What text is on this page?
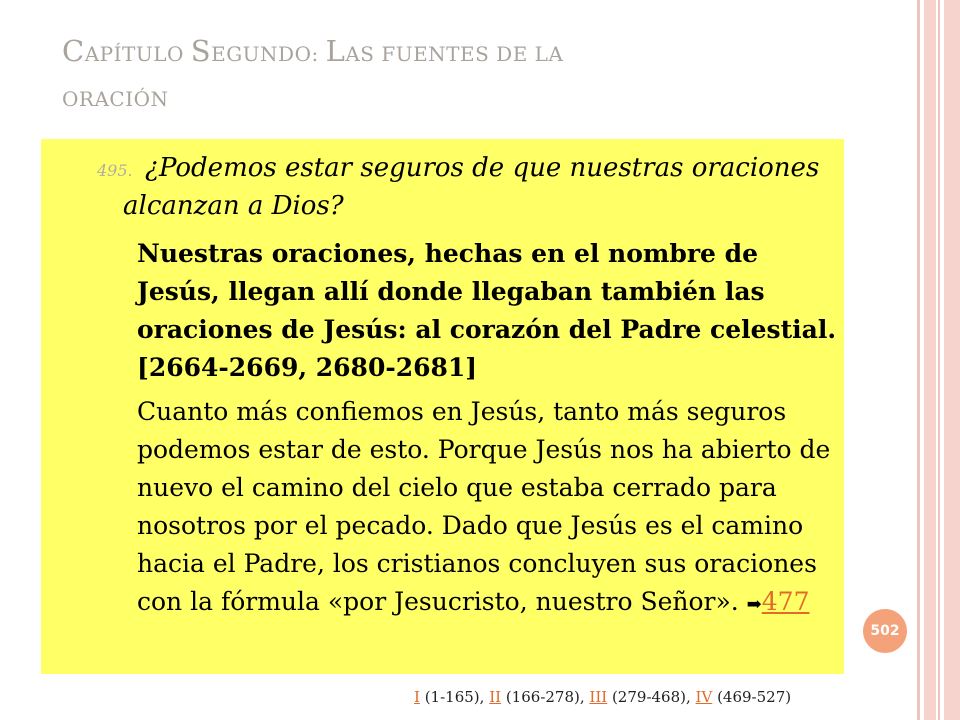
CAPÍTULO SEGUNDO: LAS FUENTES DE LA
ORACIÓN
495. ¿Podemos estar seguros de que nuestras oraciones alcanzan a Dios?
Nuestras oraciones, hechas en el nombre de Jesús, llegan allí donde llegaban también las oraciones de Jesús: al corazón del Padre celestial. [2664-2669, 2680-2681]
Cuanto más confiemos en Jesús, tanto más seguros podemos estar de esto. Porque Jesús nos ha abierto de nuevo el camino del cielo que estaba cerrado para nosotros por el pecado. Dado que Jesús es el camino hacia el Padre, los cristianos concluyen sus oraciones con la fórmula «por Jesucristo, nuestro Señor». ➡477
502
I (1-165), II (166-278), III (279-468), IV (469-527)
